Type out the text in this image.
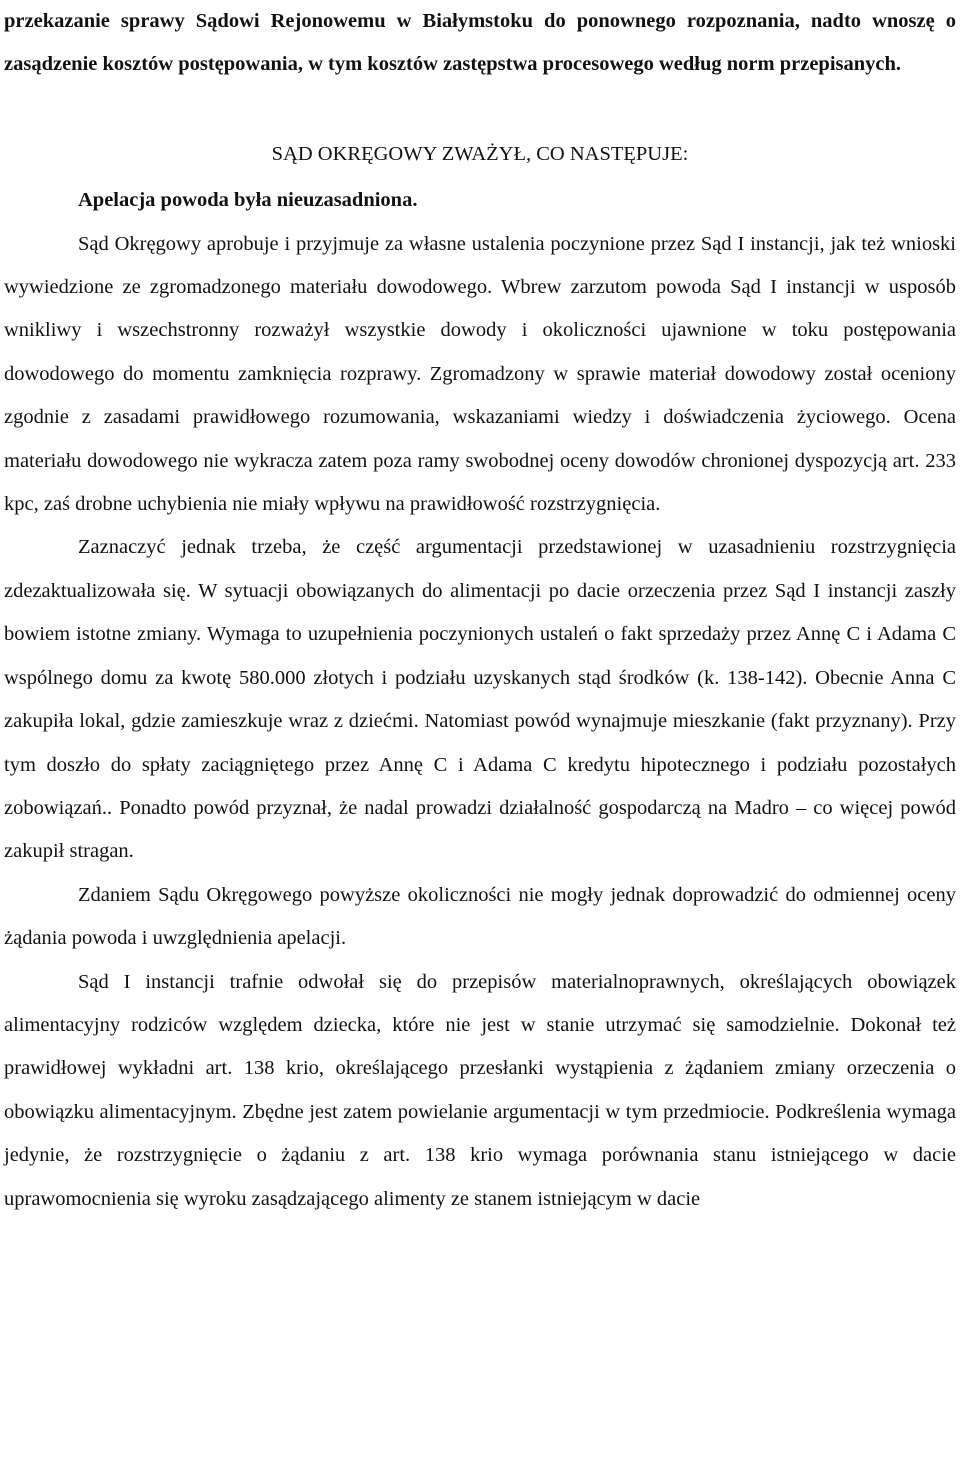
przekazanie sprawy Sądowi Rejonowemu w Białymstoku do ponownego rozpoznania, nadto wnoszę o zasądzenie kosztów postępowania, w tym kosztów zastępstwa procesowego według norm przepisanych.

SĄD OKRĘGOWY ZWAŻYŁ, CO NASTĘPUJE:

Apelacja powoda była nieuzasadniona.

Sąd Okręgowy aprobuje i przyjmuje za własne ustalenia poczynione przez Sąd I instancji, jak też wnioski wywiedzione ze zgromadzonego materiału dowodowego. Wbrew zarzutom powoda Sąd I instancji w usposób wnikliwy i wszechstronny rozważył wszystkie dowody i okoliczności ujawnione w toku postępowania dowodowego do momentu zamknięcia rozprawy. Zgromadzony w sprawie materiał dowodowy został oceniony zgodnie z zasadami prawidłowego rozumowania, wskazaniami wiedzy i doświadczenia życiowego. Ocena materiału dowodowego nie wykracza zatem poza ramy swobodnej oceny dowodów chronionej dyspozycją art. 233 kpc, zaś drobne uchybienia nie miały wpływu na prawidłowość rozstrzygnięcia.

Zaznaczyć jednak trzeba, że część argumentacji przedstawionej w uzasadnieniu rozstrzygnięcia zdezaktualizowała się. W sytuacji obowiązanych do alimentacji po dacie orzeczenia przez Sąd I instancji zaszły bowiem istotne zmiany. Wymaga to uzupełnienia poczynionych ustaleń o fakt sprzedaży przez Annę C i Adama C wspólnego domu za kwotę 580.000 złotych i podziału uzyskanych stąd środków (k. 138-142). Obecnie Anna C zakupiła lokal, gdzie zamieszkuje wraz z dziećmi. Natomiast powód wynajmuje mieszkanie (fakt przyznany). Przy tym doszło do spłaty zaciągniętego przez Annę C i Adama C kredytu hipotecznego i podziału pozostałych zobowiązań.. Ponadto powód przyznał, że nadal prowadzi działalność gospodarczą na Madro – co więcej powód zakupił stragan.

Zdaniem Sądu Okręgowego powyższe okoliczności nie mogły jednak doprowadzić do odmiennej oceny żądania powoda i uwzględnienia apelacji.

Sąd I instancji trafnie odwołał się do przepisów materialnoprawnych, określających obowiązek alimentacyjny rodziców względem dziecka, które nie jest w stanie utrzymać się samodzielnie. Dokonał też prawidłowej wykładni art. 138 krio, określającego przesłanki wystąpienia z żądaniem zmiany orzeczenia o obowiązku alimentacyjnym. Zbędne jest zatem powielanie argumentacji w tym przedmiocie. Podkreślenia wymaga jedynie, że rozstrzygnięcie o żądaniu z art. 138 krio wymaga porównania stanu istniejącego w dacie uprawomocnienia się wyroku zasądzającego alimenty ze stanem istniejącym w dacie
